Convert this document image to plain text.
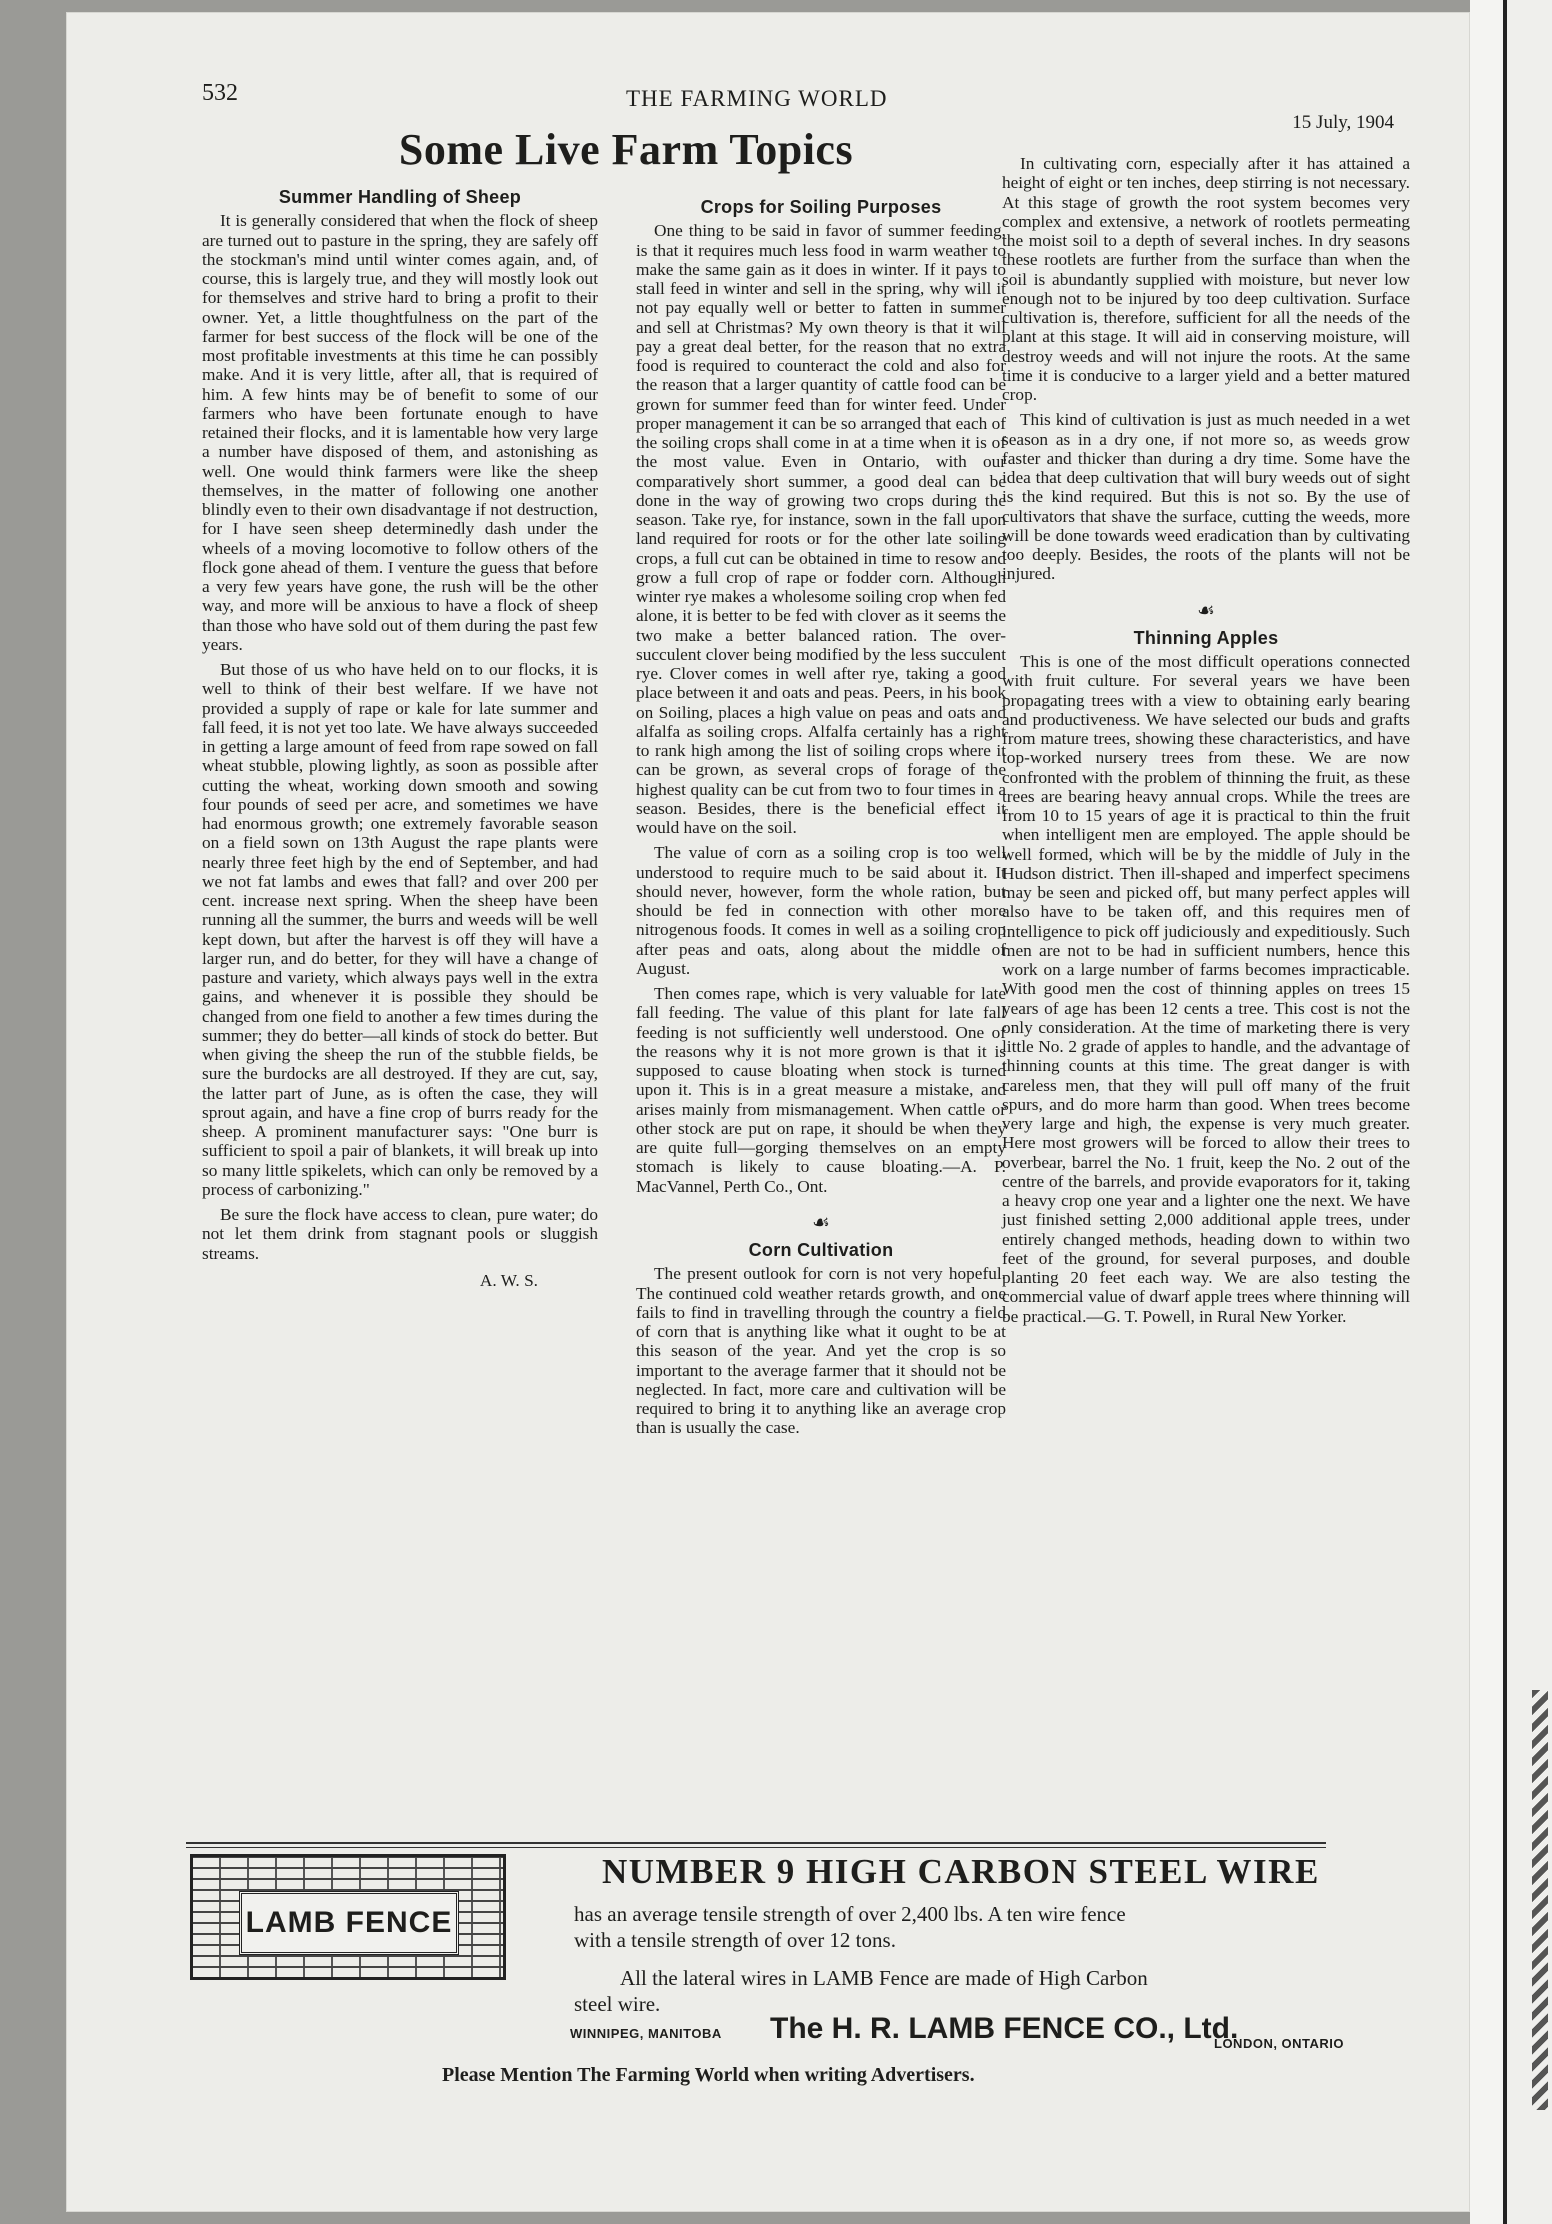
532	THE FARMING WORLD
15 July, 1904
Some Live Farm Topics
Summer Handling of Sheep

It is generally considered that when the flock of sheep are turned out to pasture in the spring, they are safely off the stockman's mind until winter comes again, and, of course, this is largely true, and they will mostly look out for themselves and strive hard to bring a profit to their owner. Yet, a little thoughtfulness on the part of the farmer for best success of the flock will be one of the most profitable investments at this time he can possibly make. And it is very little, after all, that is required of him. A few hints may be of benefit to some of our farmers who have been fortunate enough to have retained their flocks, and it is lamentable how very large a number have disposed of them, and astonishing as well. One would think farmers were like the sheep themselves, in the matter of following one another blindly even to their own disadvantage if not destruction, for I have seen sheep determinedly dash under the wheels of a moving locomotive to follow others of the flock gone ahead of them. I venture the guess that before a very few years have gone, the rush will be the other way, and more will be anxious to have a flock of sheep than those who have sold out of them during the past few years.

But those of us who have held on to our flocks, it is well to think of their best welfare. If we have not provided a supply of rape or kale for late summer and fall feed, it is not yet too late. We have always succeeded in getting a large amount of feed from rape sowed on fall wheat stubble, plowing lightly, as soon as possible after cutting the wheat, working down smooth and sowing four pounds of seed per acre, and sometimes we have had enormous growth; one extremely favorable season on a field sown on 13th August the rape plants were nearly three feet high by the end of September, and had we not fat lambs and ewes that fall? and over 200 per cent. increase next spring. When the sheep have been running all the summer, the burrs and weeds will be well kept down, but after the harvest is off they will have a larger run, and do better, for they will have a change of pasture and variety, which always pays well in the extra gains, and whenever it is possible they should be changed from one field to another a few times during the summer; they do better—all kinds of stock do better. But when giving the sheep the run of the stubble fields, be sure the burdocks are all destroyed. If they are cut, say, the latter part of June, as is often the case, they will sprout again, and have a fine crop of burrs ready for the sheep. A prominent manufacturer says: "One burr is sufficient to spoil a pair of blankets, it will break up into so many little spikelets, which can only be removed by a process of carbonizing."

Be sure the flock have access to clean, pure water; do not let them drink from stagnant pools or sluggish streams.

A. W. S.
Crops for Soiling Purposes

One thing to be said in favor of summer feeding, is that it requires much less food in warm weather to make the same gain as it does in winter. If it pays to stall feed in winter and sell in the spring, why will it not pay equally well or better to fatten in summer and sell at Christmas? My own theory is that it will pay a great deal better, for the reason that no extra food is required to counteract the cold and also for the reason that a larger quantity of cattle food can be grown for summer feed than for winter feed. Under proper management it can be so arranged that each of the soiling crops shall come in at a time when it is of the most value. Even in Ontario, with our comparatively short summer, a good deal can be done in the way of growing two crops during the season. Take rye, for instance, sown in the fall upon land required for roots or for the other late soiling crops, a full cut can be obtained in time to resow and grow a full crop of rape or fodder corn. Although winter rye makes a wholesome soiling crop when fed alone, it is better to be fed with clover as it seems the two make a better balanced ration. The over-succulent clover being modified by the less succulent rye. Clover comes in well after rye, taking a good place between it and oats and peas. Peers, in his book on Soiling, places a high value on peas and oats and alfalfa as soiling crops. Alfalfa certainly has a right to rank high among the list of soiling crops where it can be grown, as several crops of forage of the highest quality can be cut from two to four times in a season. Besides, there is the beneficial effect it would have on the soil.

The value of corn as a soiling crop is too well understood to require much to be said about it. It should never, however, form the whole ration, but should be fed in connection with other more nitrogenous foods. It comes in well as a soiling crop after peas and oats, along about the middle of August.

Then comes rape, which is very valuable for late fall feeding. The value of this plant for late fall feeding is not sufficiently well understood. One of the reasons why it is not more grown is that it is supposed to cause bloating when stock is turned upon it. This is in a great measure a mistake, and arises mainly from mismanagement. When cattle or other stock are put on rape, it should be when they are quite full—gorging themselves on an empty stomach is likely to cause bloating.—A. P. MacVannel, Perth Co., Ont.

☙
Corn Cultivation

The present outlook for corn is not very hopeful. The continued cold weather retards growth, and one fails to find in travelling through the country a field of corn that is anything like what it ought to be at this season of the year. And yet the crop is so important to the average farmer that it should not be neglected. In fact, more care and cultivation will be required to bring it to anything like an average crop than is usually the case.

In cultivating corn, especially after it has attained a height of eight or ten inches, deep stirring is not necessary. At this stage of growth the root system becomes very complex and extensive, a network of rootlets permeating the moist soil to a depth of several inches. In dry seasons these rootlets are further from the surface than when the soil is abundantly supplied with moisture, but never low enough not to be injured by too deep cultivation. Surface cultivation is, therefore, sufficient for all the needs of the plant at this stage. It will aid in conserving moisture, will destroy weeds and will not injure the roots. At the same time it is conducive to a larger yield and a better matured crop.

This kind of cultivation is just as much needed in a wet season as in a dry one, if not more so, as weeds grow faster and thicker than during a dry time. Some have the idea that deep cultivation that will bury weeds out of sight is the kind required. But this is not so. By the use of cultivators that shave the surface, cutting the weeds, more will be done towards weed eradication than by cultivating too deeply. Besides, the roots of the plants will not be injured.

☙
Thinning Apples

This is one of the most difficult operations connected with fruit culture. For several years we have been propagating trees with a view to obtaining early bearing and productiveness. We have selected our buds and grafts from mature trees, showing these characteristics, and have top-worked nursery trees from these. We are now confronted with the problem of thinning the fruit, as these trees are bearing heavy annual crops. While the trees are from 10 to 15 years of age it is practical to thin the fruit when intelligent men are employed. The apple should be well formed, which will be by the middle of July in the Hudson district. Then ill-shaped and imperfect specimens may be seen and picked off, but many perfect apples will also have to be taken off, and this requires men of intelligence to pick off judiciously and expeditiously. Such men are not to be had in sufficient numbers, hence this work on a large number of farms becomes impracticable. With good men the cost of thinning apples on trees 15 years of age has been 12 cents a tree. This cost is not the only consideration. At the time of marketing there is very little No. 2 grade of apples to handle, and the advantage of thinning counts at this time. The great danger is with careless men, that they will pull off many of the fruit spurs, and do more harm than good. When trees become very large and high, the expense is very much greater. Here most growers will be forced to allow their trees to overbear, barrel the No. 1 fruit, keep the No. 2 out of the centre of the barrels, and provide evaporators for it, taking a heavy crop one year and a lighter one the next. We have just finished setting 2,000 additional apple trees, under entirely changed methods, heading down to within two feet of the ground, for several purposes, and double planting 20 feet each way. We are also testing the commercial value of dwarf apple trees where thinning will be practical.—G. T. Powell, in Rural New Yorker.

LAMB FENCE
NUMBER 9 HIGH CARBON STEEL WIRE
has an average tensile strength of over 2,400 lbs. A ten wire fence
with a tensile strength of over 12 tons.
All the lateral wires in LAMB Fence are made of High Carbon
steel wire.
WINNIPEG, MANITOBA The H. R. LAMB FENCE CO., Ltd.
LONDON, ONTARIO
Please Mention The Farming World when writing Advertisers.
